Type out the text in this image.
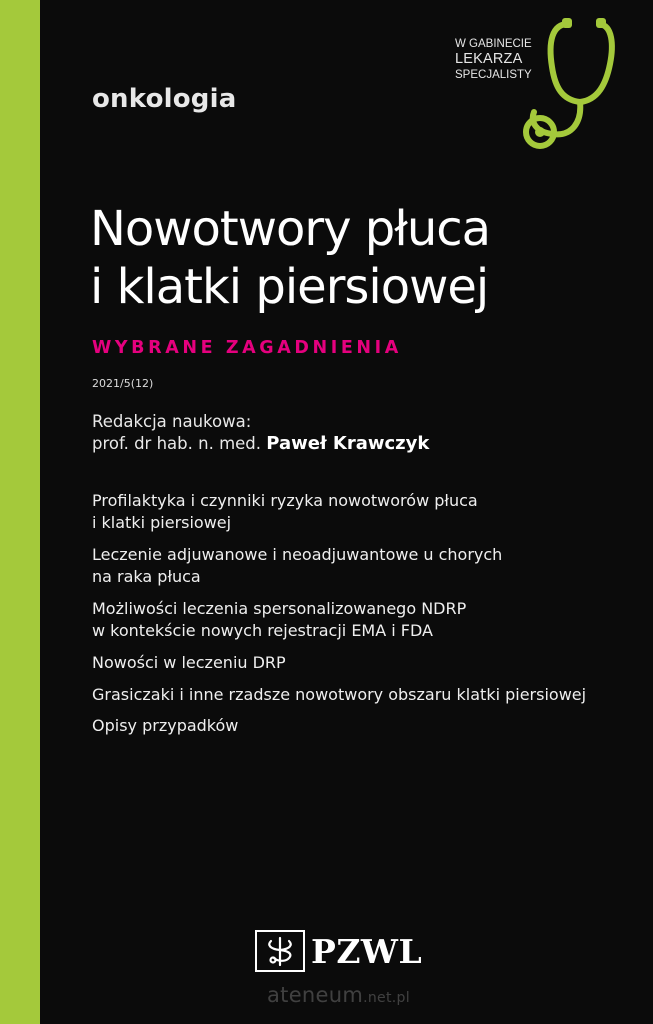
onkologia
W GABINECIE
LEKARZA
SPECJALISTY
Nowotwory płuca
i klatki piersiowej
WYBRANE ZAGADNIENIA
2021/5(12)
Redakcja naukowa:
prof. dr hab. n. med. Paweł Krawczyk
Profilaktyka i czynniki ryzyka nowotworów płuca
i klatki piersiowej
Leczenie adjuwanowe i neoadjuwantowe u chorych
na raka płuca
Możliwości leczenia spersonalizowanego NDRP
w kontekście nowych rejestracji EMA i FDA
Nowości w leczeniu DRP
Grasiczaki i inne rzadsze nowotwory obszaru klatki piersiowej
Opisy przypadków
PZWL
ateneum.net.pl
